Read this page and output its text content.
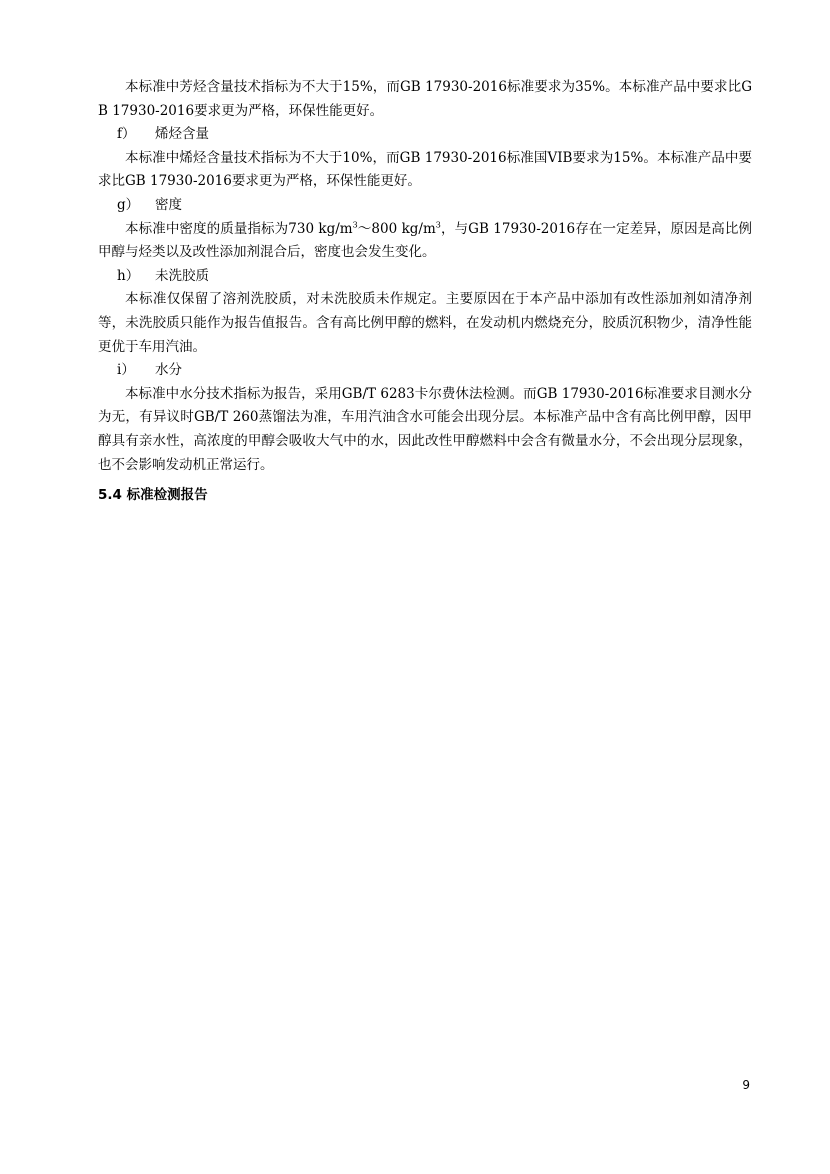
本标准中芳烃含量技术指标为不大于15%，而GB 17930-2016标准要求为35%。本标准产品中要求比GB 17930-2016要求更为严格，环保性能更好。

f） 烯烃含量

本标准中烯烃含量技术指标为不大于10%，而GB 17930-2016标准国VIB要求为15%。本标准产品中要求比GB 17930-2016要求更为严格，环保性能更好。

g） 密度

本标准中密度的质量指标为730 $kg/m^3\sim 800$ $kg/m^3$，与GB 17930-2016存在一定差异，原因是高比例甲醇与烃类以及改性添加剂混合后，密度也会发生变化。

h） 未洗胶质

本标准仅保留了溶剂洗胶质，对未洗胶质未作规定。主要原因在于本产品中添加有改性添加剂如清净剂等，未洗胶质只能作为报告值报告。含有高比例甲醇的燃料，在发动机内燃烧充分，胶质沉积物少，清净性能更优于车用汽油。

i） 水分

本标准中水分技术指标为报告，采用GB/T 6283卡尔费休法检测。而GB 17930-2016标准要求目测水分为无，有异议时GB/T 260蒸馏法为准，车用汽油含水可能会出现分层。本标准产品中含有高比例甲醇，因甲醇具有亲水性，高浓度的甲醇会吸收大气中的水，因此改性甲醇燃料中会含有微量水分，不会出现分层现象，也不会影响发动机正常运行。

5.4 标准检测报告

9
